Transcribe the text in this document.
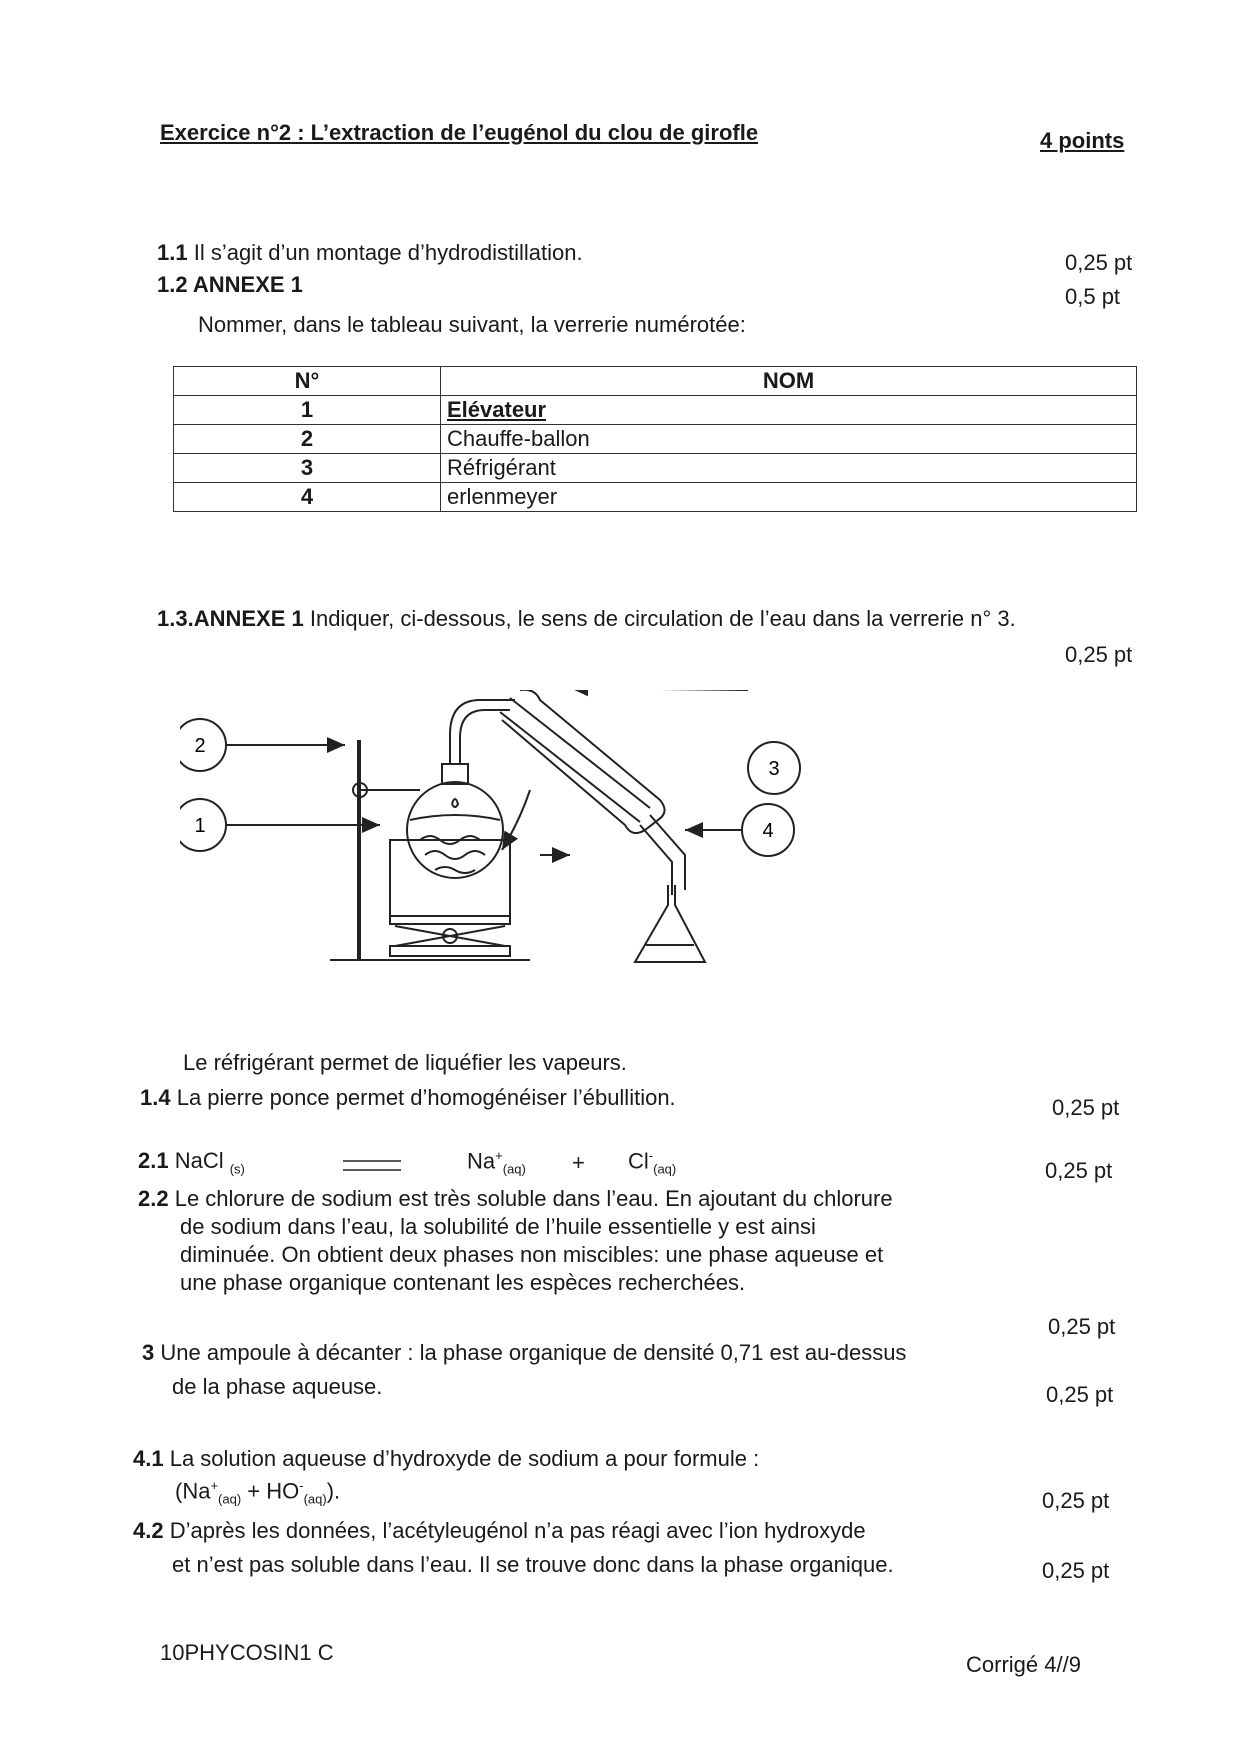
Exercice n°2 : L’extraction de l’eugénol du clou de girofle	4 points
1.1 Il s’agit d’un montage d’hydrodistillation.	0,25 pt
1.2 ANNEXE 1	0,5 pt
Nommer, dans le tableau suivant, la verrerie numérotée:
N°	NOM
1	Elévateur
2	Chauffe-ballon
3	Réfrigérant
4	erlenmeyer
1.3.ANNEXE 1 Indiquer, ci-dessous, le sens de circulation de l’eau dans la verrerie n° 3.
0,25 pt
1
2
3
4
Le réfrigérant permet de liquéfier les vapeurs.
1.4 La pierre ponce permet d’homogénéiser l’ébullition.	0,25 pt
2.1 NaCl $_{(s)}$	$Na^+_{(aq)} + Cl^-_{(aq)}$	0,25 pt
2.2 Le chlorure de sodium est très soluble dans l’eau. En ajoutant du chlorure
de sodium dans l’eau, la solubilité de l’huile essentielle y est ainsi
diminuée. On obtient deux phases non miscibles: une phase aqueuse et
une phase organique contenant les espèces recherchées.
0,25 pt
3 Une ampoule à décanter : la phase organique de densité 0,71 est au-dessus
de la phase aqueuse.	0,25 pt
4.1 La solution aqueuse d’hydroxyde de sodium a pour formule :
$(Na^+_{(aq)} + HO^-_{(aq)})$.	0,25 pt
4.2 D’après les données, l’acétyleugénol n’a pas réagi avec l’ion hydroxyde
et n’est pas soluble dans l’eau. Il se trouve donc dans la phase organique.	0,25 pt
10PHYCOSIN1 C	Corrigé 4//9
